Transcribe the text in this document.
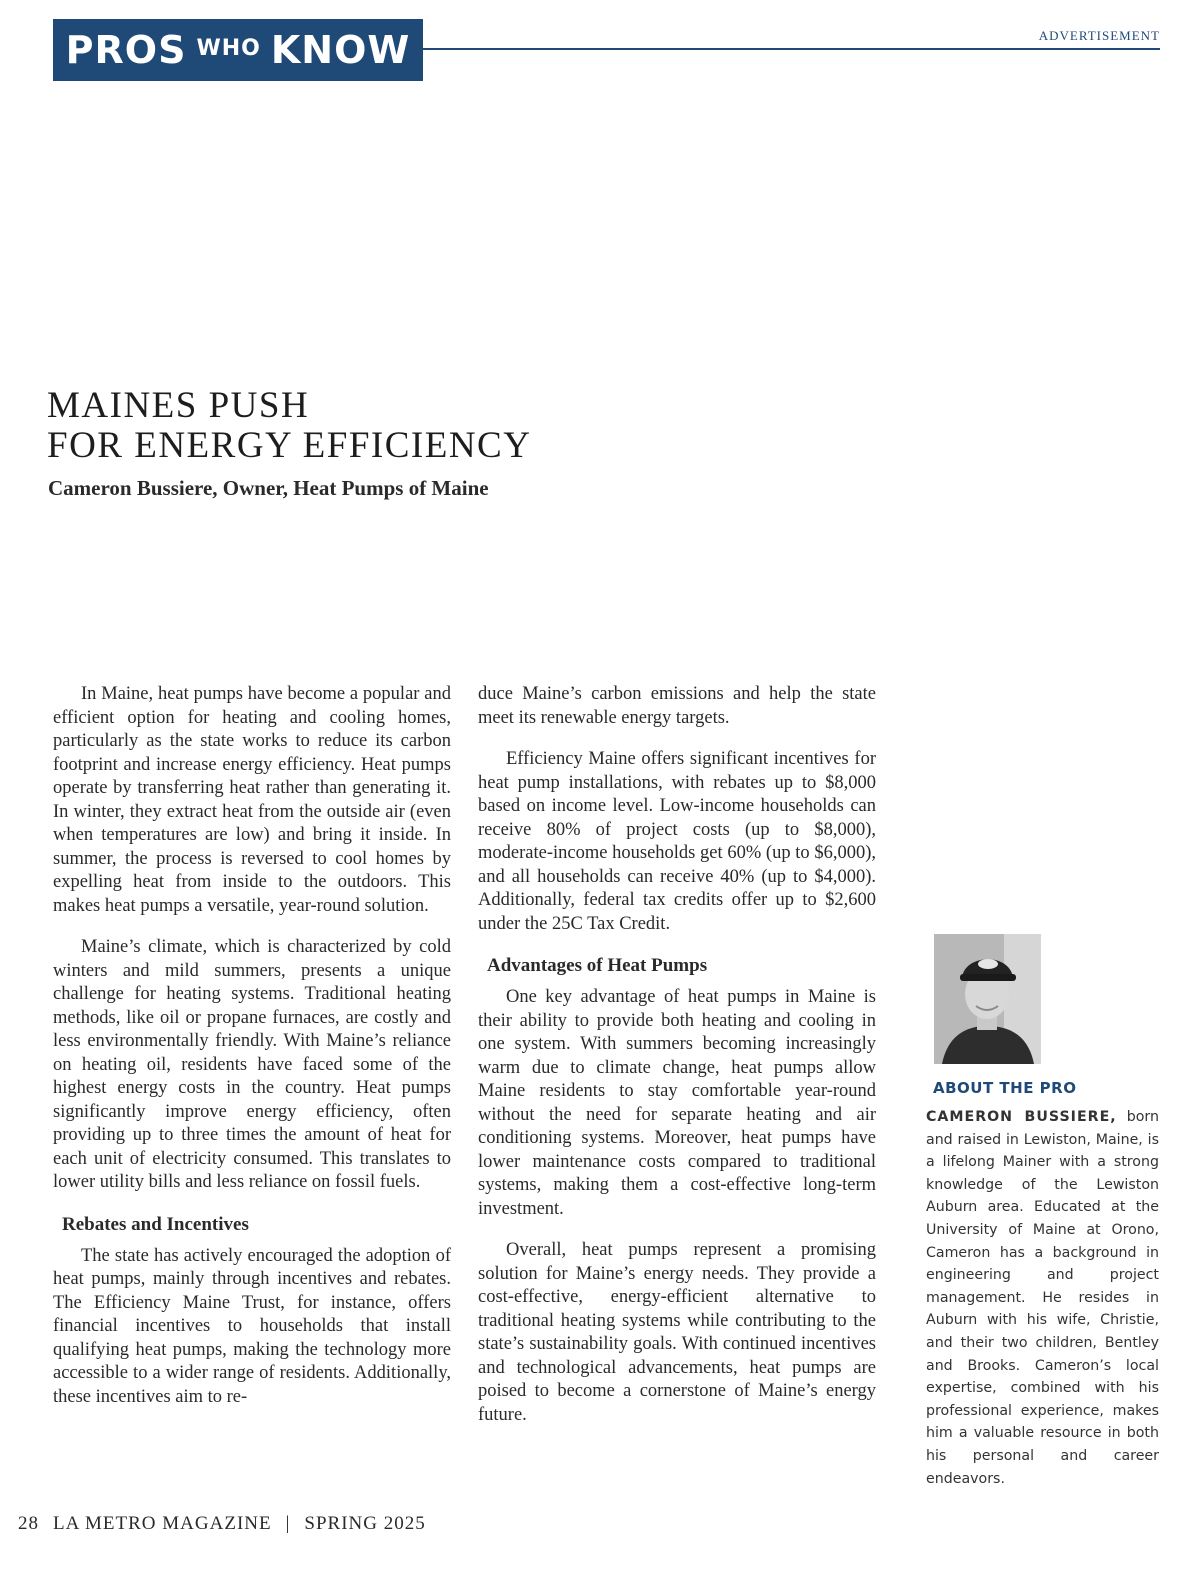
PROS WHO KNOW	ADVERTISEMENT
MAINES PUSH
FOR ENERGY EFFICIENCY
Cameron Bussiere, Owner, Heat Pumps of Maine

In Maine, heat pumps have become a popular and efficient option for heating and cooling homes, particularly as the state works to reduce its carbon footprint and increase energy efficiency. Heat pumps operate by transferring heat rather than generating it. In winter, they extract heat from the outside air (even when temperatures are low) and bring it inside. In summer, the process is reversed to cool homes by expelling heat from inside to the outdoors. This makes heat pumps a versatile, year-round solution.

Maine’s climate, which is characterized by cold winters and mild summers, presents a unique challenge for heating systems. Traditional heating methods, like oil or propane furnaces, are costly and less environmentally friendly. With Maine’s reliance on heating oil, residents have faced some of the highest energy costs in the country. Heat pumps significantly improve energy efficiency, often providing up to three times the amount of heat for each unit of electricity consumed. This translates to lower utility bills and less reliance on fossil fuels.

Rebates and Incentives

The state has actively encouraged the adoption of heat pumps, mainly through incentives and rebates. The Efficiency Maine Trust, for instance, offers financial incentives to households that install qualifying heat pumps, making the technology more accessible to a wider range of residents. Additionally, these incentives aim to re-

duce Maine’s carbon emissions and help the state meet its renewable energy targets.

Efficiency Maine offers significant incentives for heat pump installations, with rebates up to $8,000 based on income level. Low-income households can receive 80% of project costs (up to $8,000), moderate-income households get 60% (up to $6,000), and all households can receive 40% (up to $4,000). Additionally, federal tax credits offer up to $2,600 under the 25C Tax Credit.

Advantages of Heat Pumps

One key advantage of heat pumps in Maine is their ability to provide both heating and cooling in one system. With summers becoming increasingly warm due to climate change, heat pumps allow Maine residents to stay comfortable year-round without the need for separate heating and air conditioning systems. Moreover, heat pumps have lower maintenance costs compared to traditional systems, making them a cost-effective long-term investment.

Overall, heat pumps represent a promising solution for Maine’s energy needs. They provide a cost-effective, energy-efficient alternative to traditional heating systems while contributing to the state’s sustainability goals. With continued incentives and technological advancements, heat pumps are poised to become a cornerstone of Maine’s energy future.

ABOUT THE PRO
CAMERON BUSSIERE, born and raised in Lewiston, Maine, is a lifelong Mainer with a strong knowledge of the Lewiston Auburn area. Educated at the University of Maine at Orono, Cameron has a background in engineering and project management. He resides in Auburn with his wife, Christie, and their two children, Bentley and Brooks. Cameron’s local expertise, combined with his professional experience, makes him a valuable resource in both his personal and career endeavors.
28 LA METRO MAGAZINE | SPRING 2025
